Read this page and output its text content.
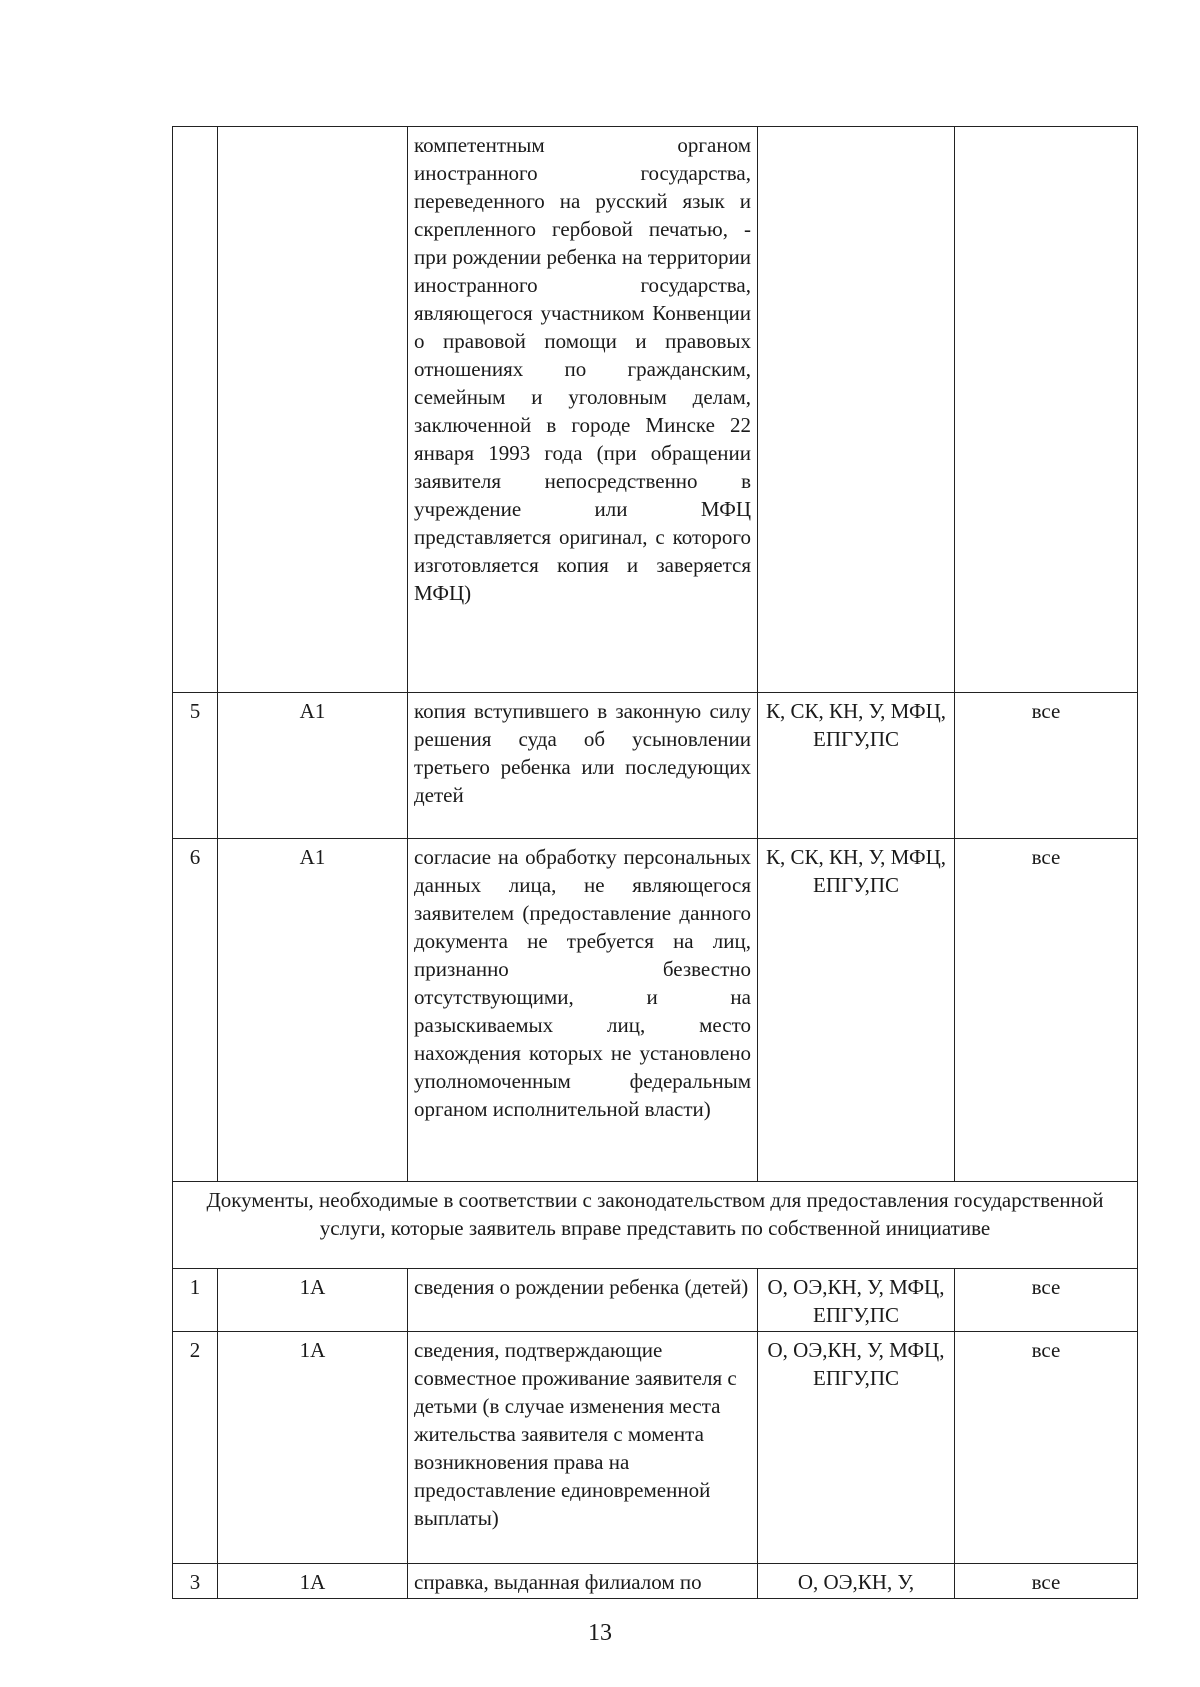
		компетентным органом иностранного государства, переведенного на русский язык и скрепленного гербовой печатью, - при рождении ребенка на территории иностранного государства, являющегося участником Конвенции о правовой помощи и правовых отношениях по гражданским, семейным и уголовным делам, заключенной в городе Минске 22 января 1993 года (при обращении заявителя непосредственно в учреждение или МФЦ представляется оригинал, с которого изготовляется копия и заверяется МФЦ)		
5	А1	копия вступившего в законную силу решения суда об усыновлении третьего ребенка или последующих детей	К, СК, КН, У, МФЦ, ЕПГУ,ПС	все
6	А1	согласие на обработку персональных данных лица, не являющегося заявителем (предоставление данного документа не требуется на лиц, признанно безвестно отсутствующими, и на разыскиваемых лиц, место нахождения которых не установлено уполномоченным федеральным органом исполнительной власти)	К, СК, КН, У, МФЦ, ЕПГУ,ПС	все
Документы, необходимые в соответствии с законодательством для предоставления государственной услуги, которые заявитель вправе представить по собственной инициативе				
1	1А	сведения о рождении ребенка (детей)	О, ОЭ,КН, У, МФЦ, ЕПГУ,ПС	все
2	1А	сведения, подтверждающие совместное проживание заявителя с детьми (в случае изменения места жительства заявителя с момента возникновения права на предоставление единовременной выплаты)	О, ОЭ,КН, У, МФЦ, ЕПГУ,ПС	все
3	1А	справка, выданная филиалом по	О, ОЭ,КН, У,	все
13
